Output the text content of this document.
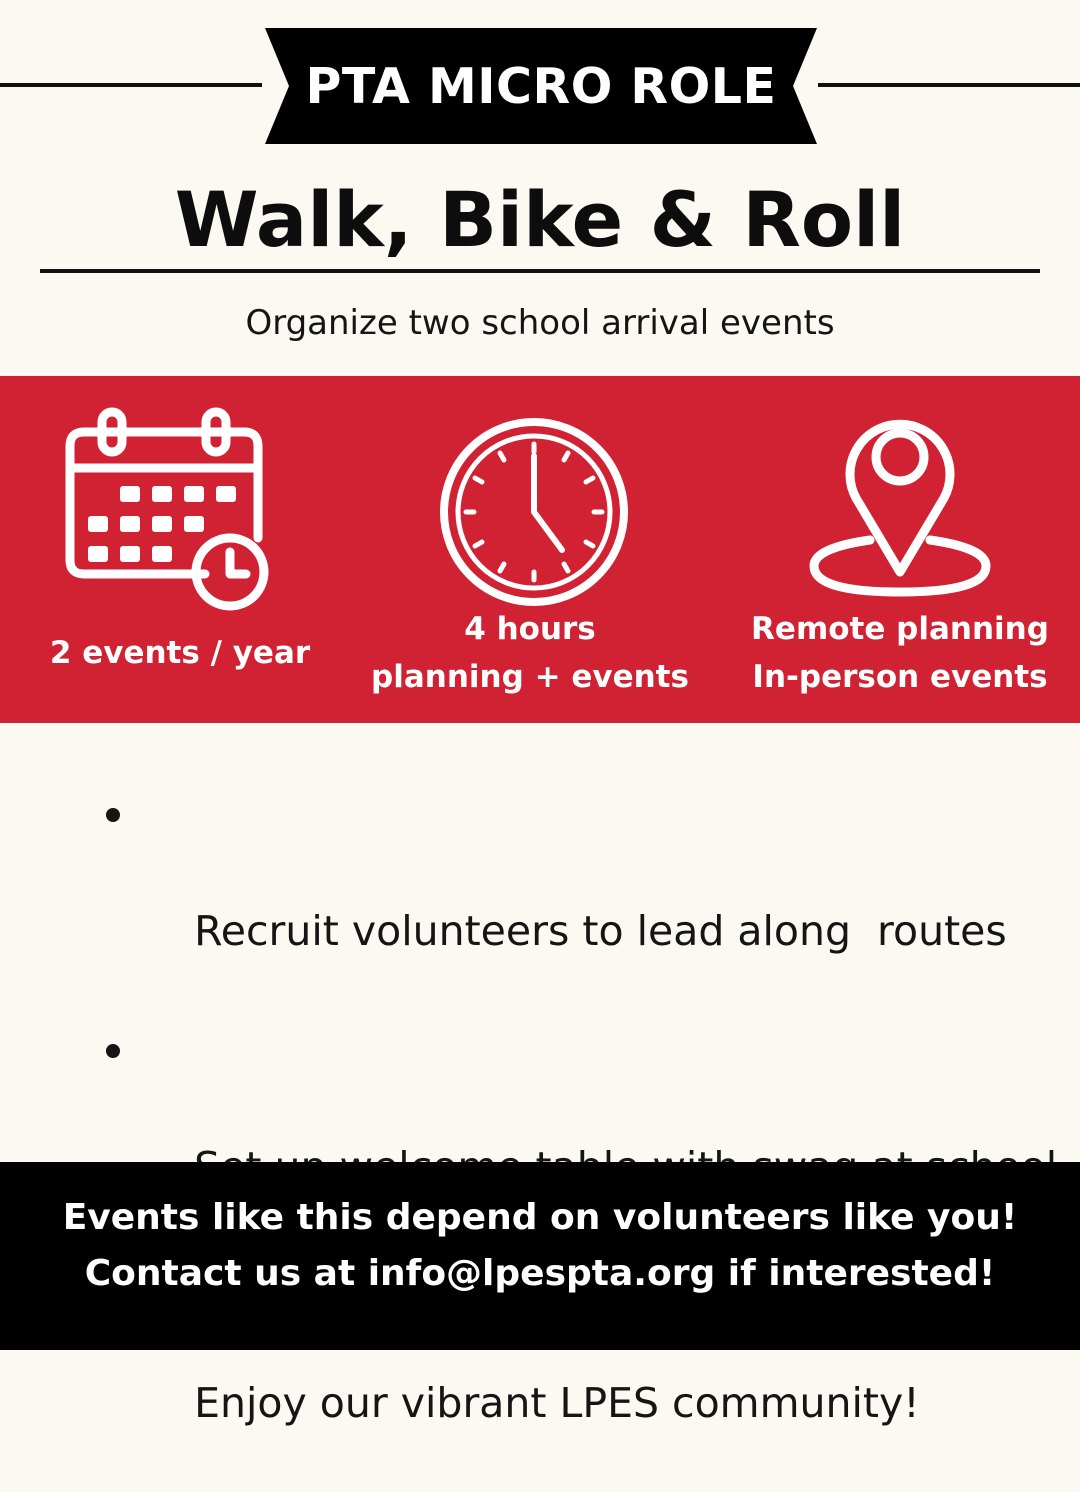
PTA MICRO ROLE
Walk, Bike & Roll
Organize two school arrival events
2 events / year
4 hours
planning + events
Remote planning
In-person events

Recruit volunteers to lead along  routes

Enjoy our vibrant LPES community!

Events like this depend on volunteers like you!
Contact us at info@lpespta.org if interested!
